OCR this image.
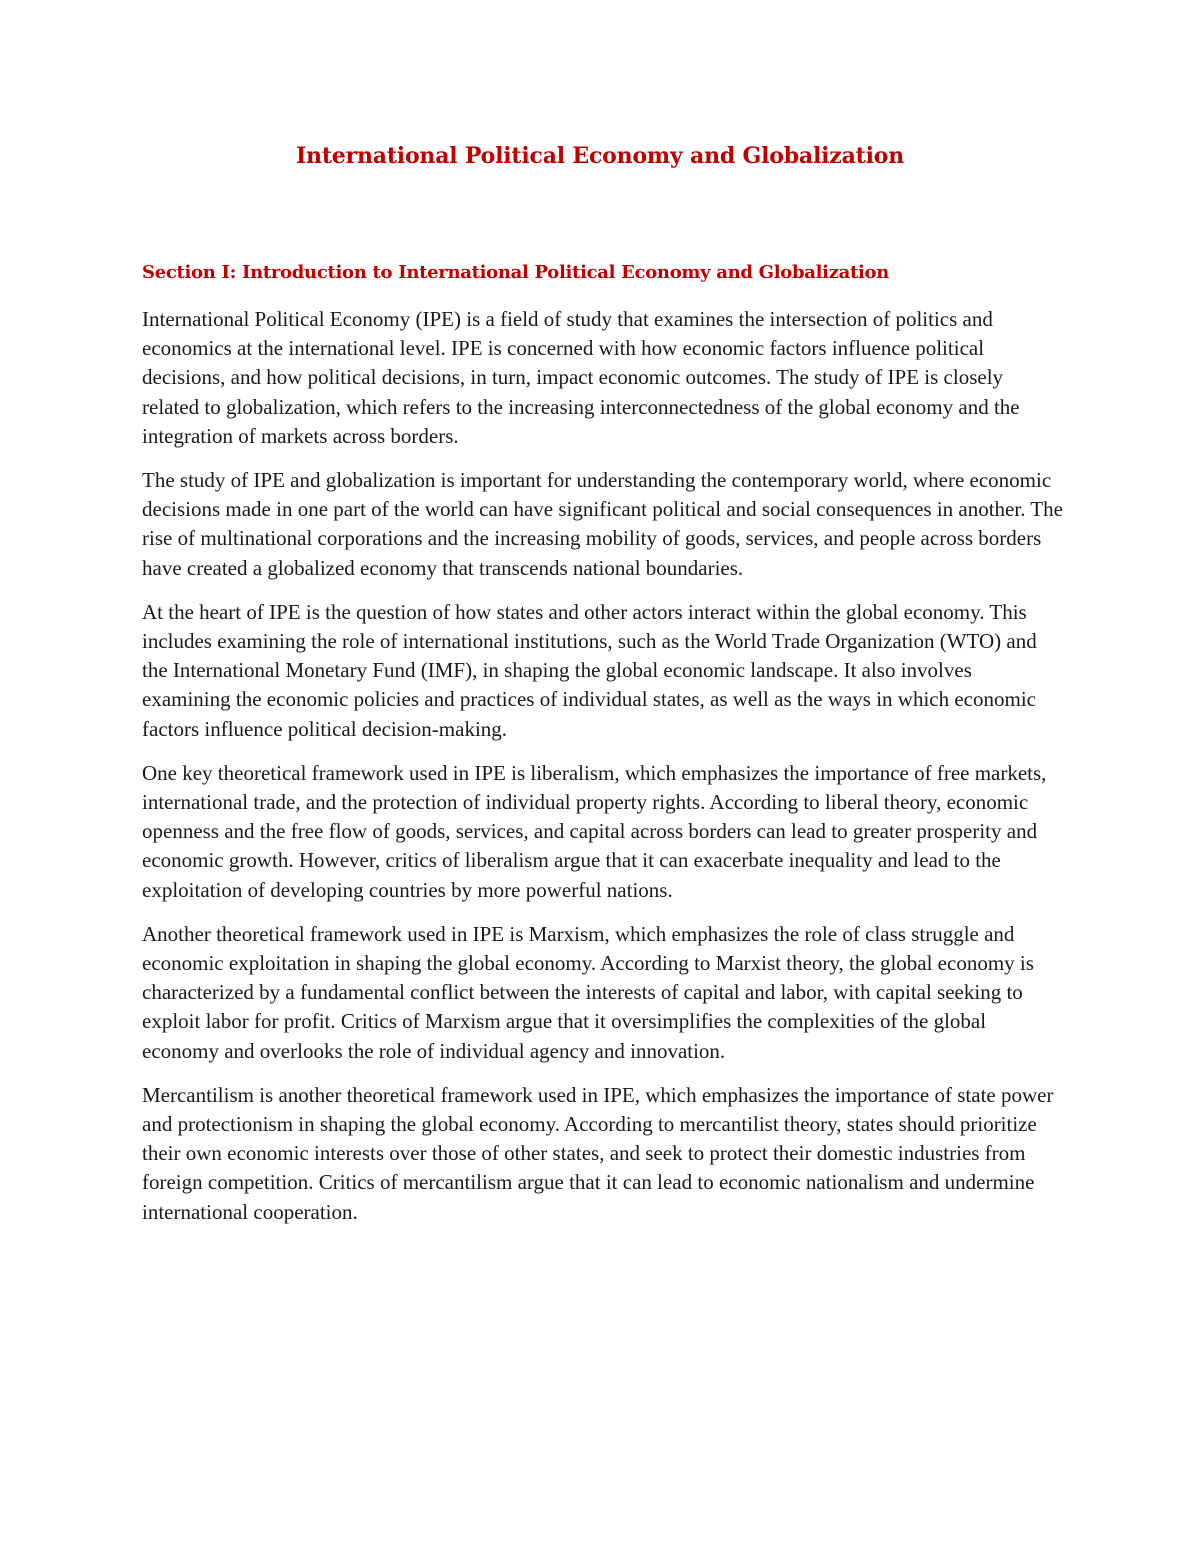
International Political Economy and Globalization
Section I: Introduction to International Political Economy and Globalization

International Political Economy (IPE) is a field of study that examines the intersection of politics and economics at the international level. IPE is concerned with how economic factors influence political decisions, and how political decisions, in turn, impact economic outcomes. The study of IPE is closely related to globalization, which refers to the increasing interconnectedness of the global economy and the integration of markets across borders.

The study of IPE and globalization is important for understanding the contemporary world, where economic decisions made in one part of the world can have significant political and social consequences in another. The rise of multinational corporations and the increasing mobility of goods, services, and people across borders have created a globalized economy that transcends national boundaries.

At the heart of IPE is the question of how states and other actors interact within the global economy. This includes examining the role of international institutions, such as the World Trade Organization (WTO) and the International Monetary Fund (IMF), in shaping the global economic landscape. It also involves examining the economic policies and practices of individual states, as well as the ways in which economic factors influence political decision-making.

One key theoretical framework used in IPE is liberalism, which emphasizes the importance of free markets, international trade, and the protection of individual property rights. According to liberal theory, economic openness and the free flow of goods, services, and capital across borders can lead to greater prosperity and economic growth. However, critics of liberalism argue that it can exacerbate inequality and lead to the exploitation of developing countries by more powerful nations.

Another theoretical framework used in IPE is Marxism, which emphasizes the role of class struggle and economic exploitation in shaping the global economy. According to Marxist theory, the global economy is characterized by a fundamental conflict between the interests of capital and labor, with capital seeking to exploit labor for profit. Critics of Marxism argue that it oversimplifies the complexities of the global economy and overlooks the role of individual agency and innovation.

Mercantilism is another theoretical framework used in IPE, which emphasizes the importance of state power and protectionism in shaping the global economy. According to mercantilist theory, states should prioritize their own economic interests over those of other states, and seek to protect their domestic industries from foreign competition. Critics of mercantilism argue that it can lead to economic nationalism and undermine international cooperation.
